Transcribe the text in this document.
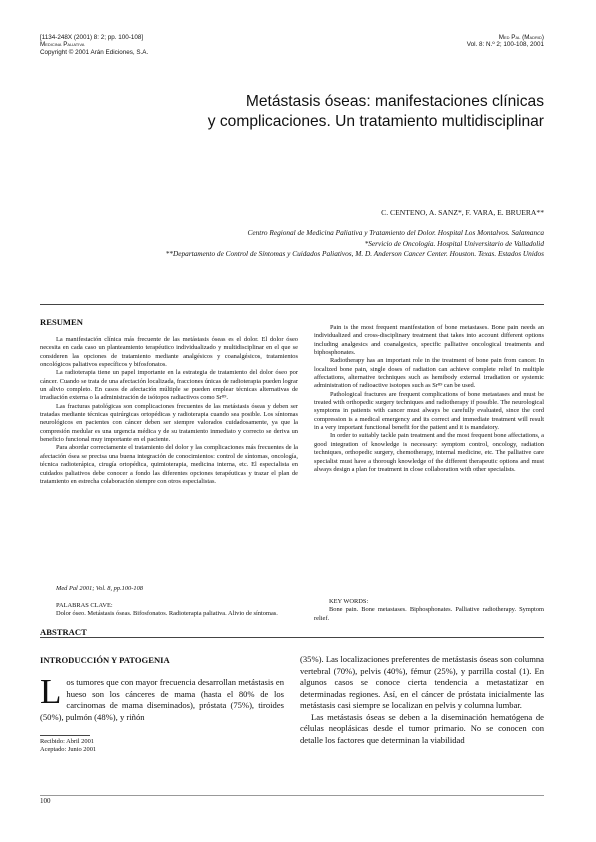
[1134-248X (2001) 8: 2; pp. 100-108]
Medicina Paliativa
Copyright © 2001 Arán Ediciones, S.A.
Med Pal (Madrid)
Vol. 8: N.º 2; 100-108, 2001
Metástasis óseas: manifestaciones clínicas
y complicaciones. Un tratamiento multidisciplinar
C. CENTENO, A. SANZ*, F. VARA, E. BRUERA**
Centro Regional de Medicina Paliativa y Tratamiento del Dolor. Hospital Los Montalvos. Salamanca
*Servicio de Oncología. Hospital Universitario de Valladolid
**Departamento de Control de Síntomas y Cuidados Paliativos, M. D. Anderson Cancer Center. Houston. Texas. Estados Unidos
RESUMEN

La manifestación clínica más frecuente de las metástasis óseas es el dolor. El dolor óseo necesita en cada caso un planteamiento terapéutico individualizado y multidisciplinar en el que se consideren las opciones de tratamiento mediante analgésicos y coanalgésicos, tratamientos oncológicos paliativos específicos y bifosfonatos.

La radioterapia tiene un papel importante en la estrategia de tratamiento del dolor óseo por cáncer. Cuando se trata de una afectación localizada, fracciones únicas de radioterapia pueden lograr un alivio completo. En casos de afectación múltiple se pueden emplear técnicas alternativas de irradiación externa o la administración de isótopos radiactivos como Sr⁸⁹.

Las fracturas patológicas son complicaciones frecuentes de las metástasis óseas y deben ser tratadas mediante técnicas quirúrgicas ortopédicas y radioterapia cuando sea posible. Los síntomas neurológicos en pacientes con cáncer deben ser siempre valorados cuidadosamente, ya que la compresión medular es una urgencia médica y de su tratamiento inmediato y correcto se deriva un beneficio funcional muy importante en el paciente.

Para abordar correctamente el tratamiento del dolor y las complicaciones más frecuentes de la afectación ósea se precisa una buena integración de conocimientos: control de síntomas, oncología, técnica radioterápica, cirugía ortopédica, quimioterapia, medicina interna, etc. El especialista en cuidados paliativos debe conocer a fondo las diferentes opciones terapéuticas y trazar el plan de tratamiento en estrecha colaboración siempre con otros especialistas.

Med Pal 2001; Vol. 8, pp.100-108
PALABRAS CLAVE:
Dolor óseo. Metástasis óseas. Bifosfonatos. Radioterapia paliativa. Alivio de síntomas.
ABSTRACT

Pain is the most frequent manifestation of bone metastases. Bone pain needs an individualized and cross-disciplinary treatment that takes into account different options including analgesics and coanalgesics, specific palliative oncological treatments and biphosphonates.

Radiotherapy has an important role in the treatment of bone pain from cancer. In localized bone pain, single doses of radiation can achieve complete relief In multiple affectations, alternative techniques such as hemibody external irradiation or systemic administration of radioactive isotopes such as Sr⁸⁹ can be used.

Pathological fractures are frequent complications of bone metastases and must be treated with orthopedic surgery techniques and radiotherapy if possible. The neurological symptoms in patients with cancer must always be carefully evaluated, since the cord compression is a medical emergency and its correct and immediate treatment will result in a very important functional benefit for the patient and it is mandatory.

In order to suitably tackle pain treatment and the most frequent bone affectations, a good integration of knowledge is necessary: symptom control, oncology, radiation techniques, orthopedic surgery, chemotherapy, internal medicine, etc. The palliative care specialist must have a thorough knowledge of the different therapeutic options and must always design a plan for treatment in close collaboration with other specialists.

KEY WORDS:
Bone pain. Bone metastases. Biphosphonates. Palliative radiotherapy. Symptom relief.
INTRODUCCIÓN Y PATOGENIA
Los tumores que con mayor frecuencia desarrollan metástasis en hueso son los cánceres de mama (hasta el 80% de los carcinomas de mama diseminados), próstata (75%), tiroides (50%), pulmón (48%), y riñón

(35%). Las localizaciones preferentes de metástasis óseas son columna vertebral (70%), pelvis (40%), fémur (25%), y parrilla costal (1). En algunos casos se conoce cierta tendencia a metastatizar en determinadas regiones. Así, en el cáncer de próstata inicialmente las metástasis casi siempre se localizan en pelvis y columna lumbar.

Las metástasis óseas se deben a la diseminación hematógena de células neoplásicas desde el tumor primario. No se conocen con detalle los factores que determinan la viabilidad

Recibido: Abril 2001
Aceptado: Junio 2001
100
